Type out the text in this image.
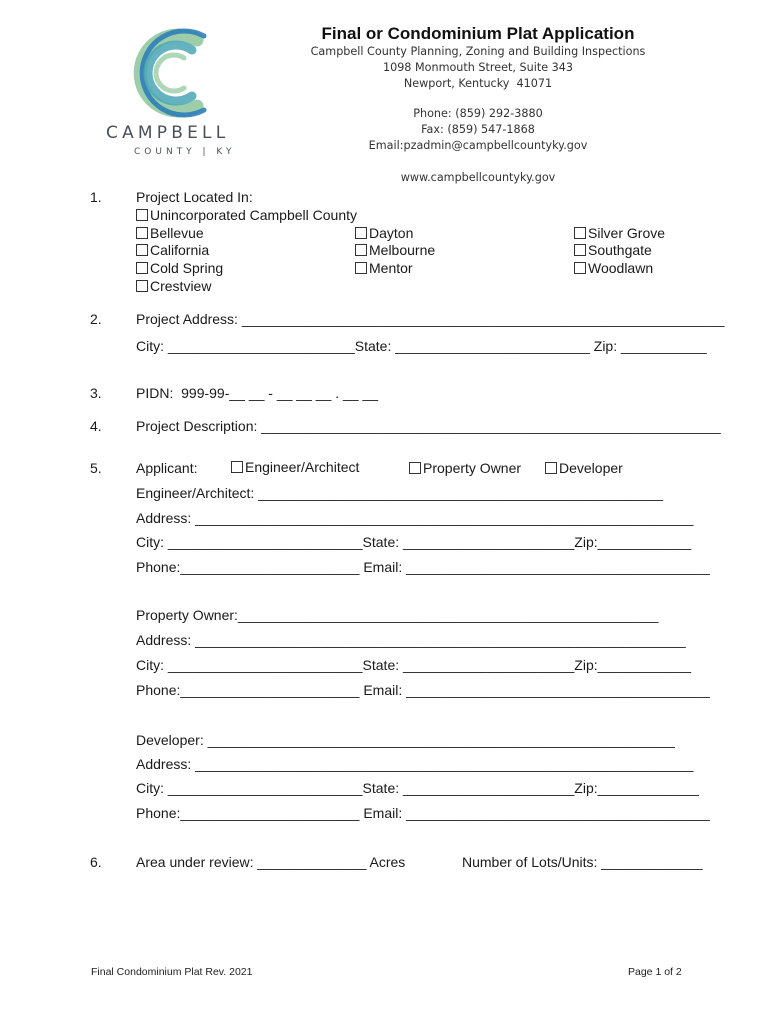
CAMPBELL

COUNTY | KY

Final or Condominium Plat Application
Campbell County Planning, Zoning and Building Inspections
1098 Monmouth Street, Suite 343
Newport, Kentucky  41071
Phone: (859) 292-3880
Fax: (859) 547-1868
Email:pzadmin@campbellcountyky.gov
www.campbellcountyky.gov
1. Project Located In:
Unincorporated Campbell County
Bellevue
California
Cold Spring
Crestview
Dayton
Melbourne
Mentor
Silver Grove
Southgate
Woodlawn
2. Project Address: ______________________________________________________________
City: ________________________State: _________________________ Zip: ___________
3. PIDN:  999-99-__ __ - __ __ __ . __ __
4. Project Description: ___________________________________________________________
5. Applicant:	Engineer/Architect	Property Owner	Developer
Engineer/Architect: ____________________________________________________
Address: ________________________________________________________________
City: _________________________State: ______________________Zip:____________
Phone:_______________________ Email: _______________________________________
Property Owner:______________________________________________________
Address: _______________________________________________________________
City: _________________________State: ______________________Zip:____________
Phone:_______________________ Email: _______________________________________
Developer: ____________________________________________________________
Address: ________________________________________________________________
City: _________________________State: ______________________Zip:_____________
Phone:_______________________ Email: _______________________________________
6. Area under review: ______________ Acres	Number of Lots/Units: _____________
Final Condominium Plat Rev. 2021	Page 1 of 2
